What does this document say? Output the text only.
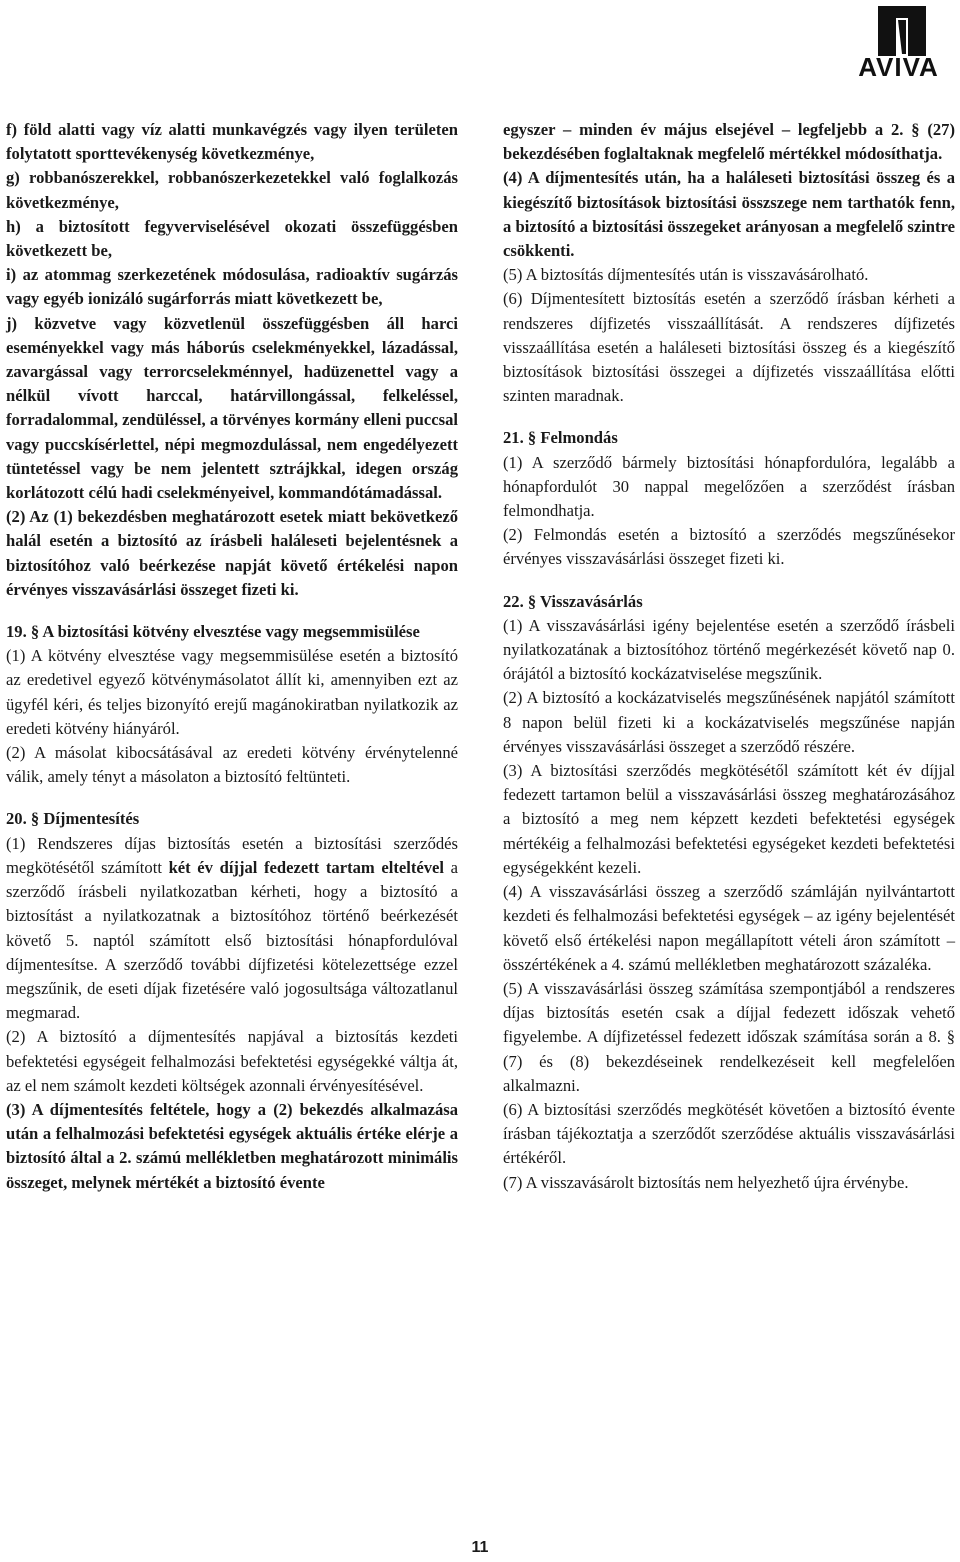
AVIVA

f) föld alatti vagy víz alatti munkavégzés vagy ilyen területen folytatott sporttevékenység következménye,

g) robbanószerekkel, robbanószerkezetekkel való foglalkozás következménye,

h) a biztosított fegyverviselésével okozati összefüggésben következett be,

i) az atommag szerkezetének módosulása, radioaktív sugárzás vagy egyéb ionizáló sugárforrás miatt következett be,

j) közvetve vagy közvetlenül összefüggésben áll harci eseményekkel vagy más háborús cselekményekkel, lázadással, zavargással vagy terrorcselekménnyel, hadüzenettel vagy a nélkül vívott harccal, határvillongással, felkeléssel, forradalommal, zendüléssel, a törvényes kormány elleni puccsal vagy puccskísérlettel, népi megmozdulással, nem engedélyezett tüntetéssel vagy be nem jelentett sztrájkkal, idegen ország korlátozott célú hadi cselekményeivel, kommandótámadással.

(2) Az (1) bekezdésben meghatározott esetek miatt bekövetkező halál esetén a biztosító az írásbeli haláleseti bejelentésnek a biztosítóhoz való beérkezése napját követő értékelési napon érvényes visszavásárlási összeget fizeti ki.

19. § A biztosítási kötvény elvesztése vagy megsemmisülése

(1) A kötvény elvesztése vagy megsemmisülése esetén a biztosító az eredetivel egyező kötvénymásolatot állít ki, amennyiben ezt az ügyfél kéri, és teljes bizonyító erejű magánokiratban nyilatkozik az eredeti kötvény hiányáról.

(2) A másolat kibocsátásával az eredeti kötvény érvénytelenné válik, amely tényt a másolaton a biztosító feltünteti.

20. § Díjmentesítés

(1) Rendszeres díjas biztosítás esetén a biztosítási szerződés megkötésétől számított két év díjjal fedezett tartam elteltével a szerződő írásbeli nyilatkozatban kérheti, hogy a biztosító a biztosítást a nyilatkozatnak a biztosítóhoz történő beérkezését követő 5. naptól számított első biztosítási hónapfordulóval díjmentesítse. A szerződő további díjfizetési kötelezettsége ezzel megszűnik, de eseti díjak fizetésére való jogosultsága változatlanul megmarad.

(2) A biztosító a díjmentesítés napjával a biztosítás kezdeti befektetési egységeit felhalmozási befektetési egységekké váltja át, az el nem számolt kezdeti költségek azonnali érvényesítésével.

(3) A díjmentesítés feltétele, hogy a (2) bekezdés alkalmazása után a felhalmozási befektetési egységek aktuális értéke elérje a biztosító által a 2. számú mellékletben meghatározott minimális összeget, melynek mértékét a biztosító évente

egyszer – minden év május elsejével – legfeljebb a 2. § (27) bekezdésében foglaltaknak megfelelő mértékkel módosíthatja.

(4) A díjmentesítés után, ha a haláleseti biztosítási összeg és a kiegészítő biztosítások biztosítási összszege nem tarthatók fenn, a biztosító a biztosítási összegeket arányosan a megfelelő szintre csökkenti.

(5) A biztosítás díjmentesítés után is visszavásárolható.

(6) Díjmentesített biztosítás esetén a szerződő írásban kérheti a rendszeres díjfizetés visszaállítását. A rendszeres díjfizetés visszaállítása esetén a haláleseti biztosítási összeg és a kiegészítő biztosítások biztosítási összegei a díjfizetés visszaállítása előtti szinten maradnak.

21. § Felmondás

(1) A szerződő bármely biztosítási hónapfordulóra, legalább a hónapfordulót 30 nappal megelőzően a szerződést írásban felmondhatja.

(2) Felmondás esetén a biztosító a szerződés megszűnésekor érvényes visszavásárlási összeget fizeti ki.

22. § Visszavásárlás

(1) A visszavásárlási igény bejelentése esetén a szerződő írásbeli nyilatkozatának a biztosítóhoz történő megérkezését követő nap 0. órájától a biztosító kockázatviselése megszűnik.

(2) A biztosító a kockázatviselés megszűnésének napjától számított 8 napon belül fizeti ki a kockázatviselés megszűnése napján érvényes visszavásárlási összeget a szerződő részére.

(3) A biztosítási szerződés megkötésétől számított két év díjjal fedezett tartamon belül a visszavásárlási összeg meghatározásához a biztosító a meg nem képzett kezdeti befektetési egységek mértékéig a felhalmozási befektetési egységeket kezdeti befektetési egységekként kezeli.

(4) A visszavásárlási összeg a szerződő számláján nyilvántartott kezdeti és felhalmozási befektetési egységek – az igény bejelentését követő első értékelési napon megállapított vételi áron számított – összértékének a 4. számú mellékletben meghatározott százaléka.

(5) A visszavásárlási összeg számítása szempontjából a rendszeres díjas biztosítás esetén csak a díjjal fedezett időszak vehető figyelembe. A díjfizetéssel fedezett időszak számítása során a 8. § (7) és (8) bekezdéseinek rendelkezéseit kell megfelelően alkalmazni.

(6) A biztosítási szerződés megkötését követően a biztosító évente írásban tájékoztatja a szerződőt szerződése aktuális visszavásárlási értékéről.

(7) A visszavásárolt biztosítás nem helyezhető újra érvénybe.

11
